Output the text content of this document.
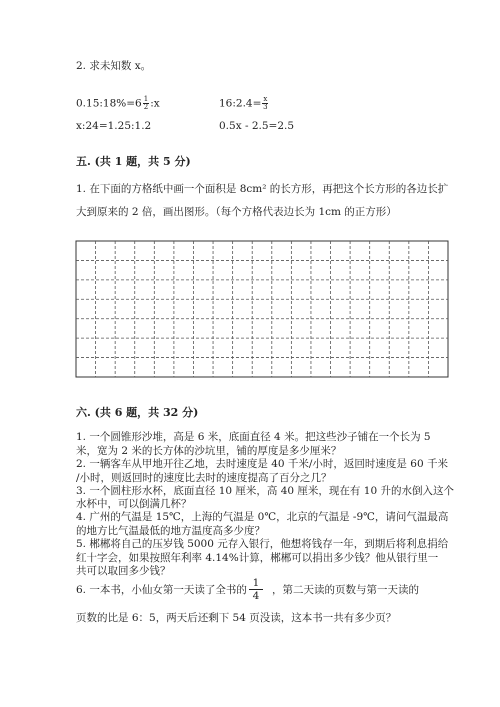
2. 求未知数 x。
0.15:18%=6 $\frac{1}{2}$ :x	16:2.4= $\frac{x}{3}$
x:24=1.25:1.2	0.5x - 2.5=2.5
五. (共 1 题，共 5 分)
1. 在下面的方格纸中画一个面积是 8cm² 的长方形，再把这个长方形的各边长扩
大到原来的 2 倍，画出图形。（每个方格代表边长为 1cm 的正方形）
六. (共 6 题，共 32 分)
1. 一个圆锥形沙堆，高是 6 米，底面直径 4 米。把这些沙子铺在一个长为 5
米，宽为 2 米的长方体的沙坑里，铺的厚度是多少厘米？
2. 一辆客车从甲地开往乙地，去时速度是 40 千米/小时，返回时速度是 60 千米
/小时，则返回时的速度比去时的速度提高了百分之几？
3. 一个圆柱形水杯，底面直径 10 厘米，高 40 厘米，现在有 10 升的水倒入这个
水杯中，可以倒满几杯？
4. 广州的气温是 15℃，上海的气温是 0℃，北京的气温是 -9℃，请问气温最高
的地方比气温最低的地方温度高多少度？
5. 郴郴将自己的压岁钱 5000 元存入银行，他想将钱存一年，到期后将利息捐给
红十字会，如果按照年利率 4.14%计算，郴郴可以捐出多少钱？他从银行里一
共可以取回多少钱？
6. 一本书，小仙女第一天读了全书的 $\frac{1}{4}$ ，第二天读的页数与第一天读的
页数的比是 6：5，两天后还剩下 54 页没读，这本书一共有多少页？
